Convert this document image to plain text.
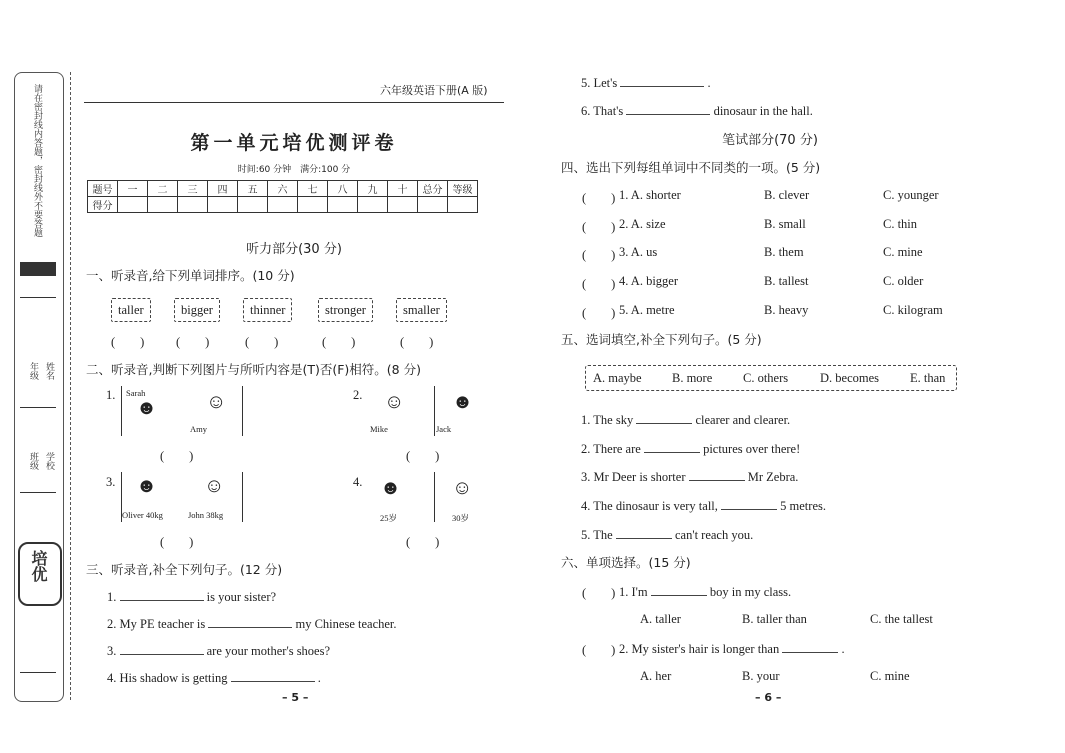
请在密封线内答题，密封线外不要答题
姓名
年级
学校
班级
培优
六年级英语下册(A 版)
第一单元培优测评卷
时间:60 分钟　满分:100 分
题号	一	二	三	四	五	六	七	八	九	十	总分	等级
得分												
听力部分(30 分)
一、听录音,给下列单词排序。(10 分)
taller	bigger	thinner	stronger	smaller
(　　)	(　　)	(　　)	(　　)	(　　)
二、听录音,判断下列图片与所听内容是(T)否(F)相符。(8 分)
1. Sarah
☻ ☺
Amy
(　　)
2. ☺
Mike
☻
Jack
(　　)
3. ☻ ☺
Oliver 40kg	John 38kg
(　　)
4. ☻
25岁
☺
30岁
(　　)
三、听录音,补全下列句子。(12 分)
1.	is your sister?
2. My PE teacher is	my Chinese teacher.
3.	are your mother's shoes?
4. His shadow is getting	.
– 5 –
5. Let's	.
6. That's	dinosaur in the hall.
笔试部分(70 分)
四、选出下列每组单词中不同类的一项。(5 分)
(　　) 1. A. shorter	B. clever	C. younger
(　　) 2. A. size	B. small	C. thin
(　　) 3. A. us	B. them	C. mine
(　　) 4. A. bigger	B. tallest	C. older
(　　) 5. A. metre	B. heavy	C. kilogram
五、选词填空,补全下列句子。(5 分)
A. maybe B. more C. others	D. becomes E. than
1. The sky	clearer and clearer.
2. There are	pictures over there!
3. Mr Deer is shorter	Mr Zebra.
4. The dinosaur is very tall,	5 metres.
5. The	can't reach you.
六、单项选择。(15 分)
(　　) 1. I'm	boy in my class.
A. taller	B. taller than	C. the tallest
(　　) 2. My sister's hair is longer than	.
A. her	B. your	C. mine
– 6 –
